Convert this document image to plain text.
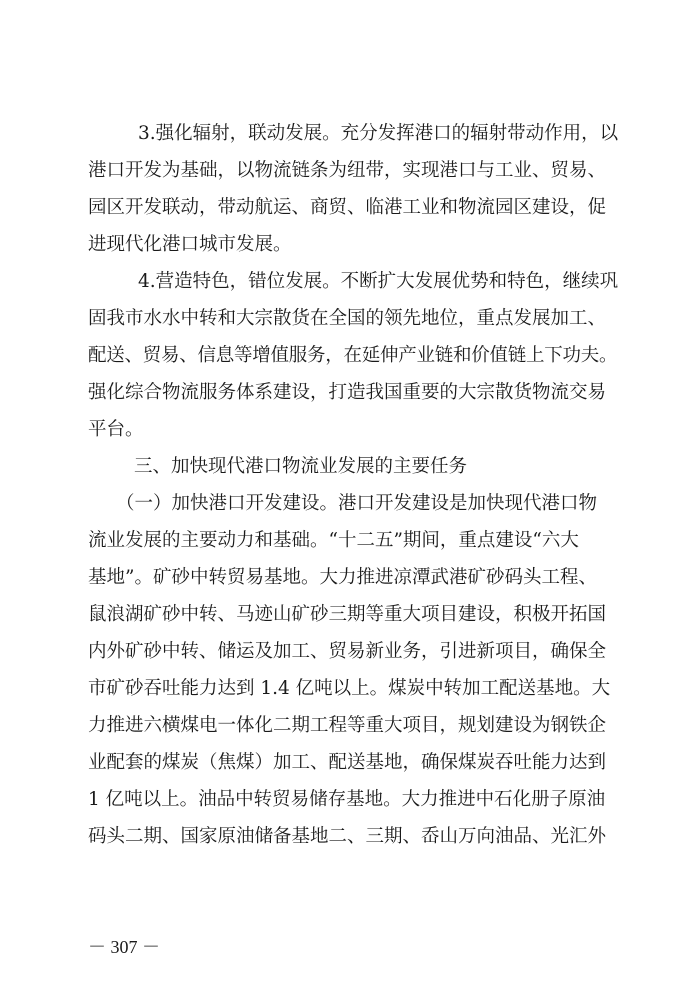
3.强化辐射，联动发展。充分发挥港口的辐射带动作用，以

港口开发为基础，以物流链条为纽带，实现港口与工业、贸易、

园区开发联动，带动航运、商贸、临港工业和物流园区建设，促

进现代化港口城市发展。

4.营造特色，错位发展。不断扩大发展优势和特色，继续巩

固我市水水中转和大宗散货在全国的领先地位，重点发展加工、

配送、贸易、信息等增值服务，在延伸产业链和价值链上下功夫。

强化综合物流服务体系建设，打造我国重要的大宗散货物流交易

平台。

三、加快现代港口物流业发展的主要任务

（一）加快港口开发建设。港口开发建设是加快现代港口物

流业发展的主要动力和基础。“十二五”期间，重点建设“六大

基地”。矿砂中转贸易基地。大力推进凉潭武港矿砂码头工程、

鼠浪湖矿砂中转、马迹山矿砂三期等重大项目建设，积极开拓国

内外矿砂中转、储运及加工、贸易新业务，引进新项目，确保全

市矿砂吞吐能力达到 1.4 亿吨以上。煤炭中转加工配送基地。大

力推进六横煤电一体化二期工程等重大项目，规划建设为钢铁企

业配套的煤炭（焦煤）加工、配送基地，确保煤炭吞吐能力达到

1 亿吨以上。油品中转贸易储存基地。大力推进中石化册子原油

码头二期、国家原油储备基地二、三期、岙山万向油品、光汇外

－ 307 －
